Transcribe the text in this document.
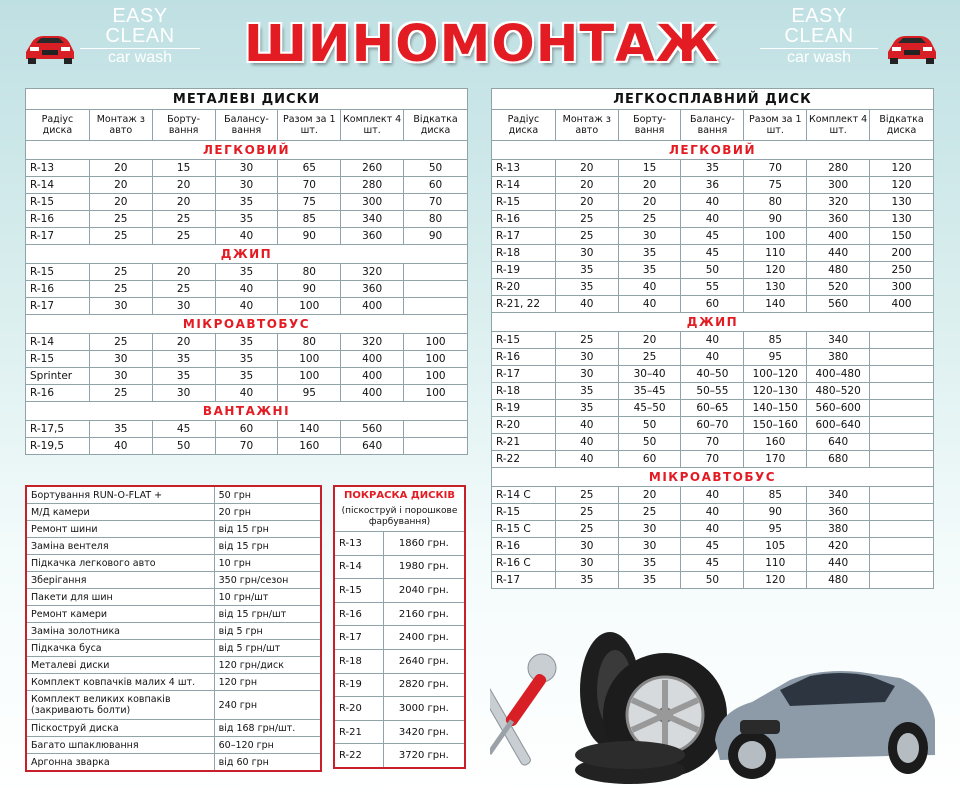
EASY CLEAN
car wash	ШИНОМОНТАЖ	EASY CLEAN
car wash
МЕТАЛЕВІ ДИСКИ						
Радіус диска	Монтаж з авто	Борту- вання	Балансу- вання	Разом за 1 шт.	Комплект 4 шт.	Відкатка диска
ЛЕГКОВИЙ						
R-13	20	15	30	65	260	50
R-14	20	20	30	70	280	60
R-15	20	20	35	75	300	70
R-16	25	25	35	85	340	80
R-17	25	25	40	90	360	90
ДЖИП						
R-15	25	20	35	80	320	
R-16	25	25	40	90	360	
R-17	30	30	40	100	400	
МІКРОАВТОБУС						
R-14	25	20	35	80	320	100
R-15	30	35	35	100	400	100
Sprinter	30	35	35	100	400	100
R-16	25	30	40	95	400	100
ВАНТАЖНІ						
R-17,5	35	45	60	140	560	
R-19,5	40	50	70	160	640	
ЛЕГКОСПЛАВНИЙ ДИСК						
Радіус диска	Монтаж з авто	Борту- вання	Балансу- вання	Разом за 1 шт.	Комплект 4 шт.	Відкатка диска
ЛЕГКОВИЙ						
R-13	20	15	35	70	280	120
R-14	20	20	36	75	300	120
R-15	20	20	40	80	320	130
R-16	25	25	40	90	360	130
R-17	25	30	45	100	400	150
R-18	30	35	45	110	440	200
R-19	35	35	50	120	480	250
R-20	35	40	55	130	520	300
R-21, 22	40	40	60	140	560	400
ДЖИП						
R-15	25	20	40	85	340	
R-16	30	25	40	95	380	
R-17	30	30–40	40–50	100–120	400–480	
R-18	35	35–45	50–55	120–130	480–520	
R-19	35	45–50	60–65	140–150	560–600	
R-20	40	50	60–70	150–160	600–640	
R-21	40	50	70	160	640	
R-22	40	60	70	170	680	
МІКРОАВТОБУС						
R-14 C	25	20	40	85	340	
R-15	25	25	40	90	360	
R-15 C	25	30	40	95	380	
R-16	30	30	45	105	420	
R-16 C	30	35	45	110	440	
R-17	35	35	50	120	480	
Бортування RUN-O-FLAT +	50 грн
М/Д камери	20 грн
Ремонт шини	від 15 грн
Заміна вентеля	від 15 грн
Підкачка легкового авто	10 грн
Зберігання	350 грн/сезон
Пакети для шин	10 грн/шт
Ремонт камери	від 15 грн/шт
Заміна золотника	від 5 грн
Підкачка буса	від 5 грн/шт
Металеві диски	120 грн/диск
Комплект ковпачків малих 4 шт.	120 грн
Комплект великих ковпаків (закривають болти)	240 грн
Піскоструй диска	від 168 грн/шт.
Багато шпаклювання	60–120 грн
Аргонна зварка	від 60 грн
ПОКРАСКА ДИСКІВ	
(піскоструй і порошкове фарбування)	
R-13	1860 грн.
R-14	1980 грн.
R-15	2040 грн.
R-16	2160 грн.
R-17	2400 грн.
R-18	2640 грн.
R-19	2820 грн.
R-20	3000 грн.
R-21	3420 грн.
R-22	3720 грн.
